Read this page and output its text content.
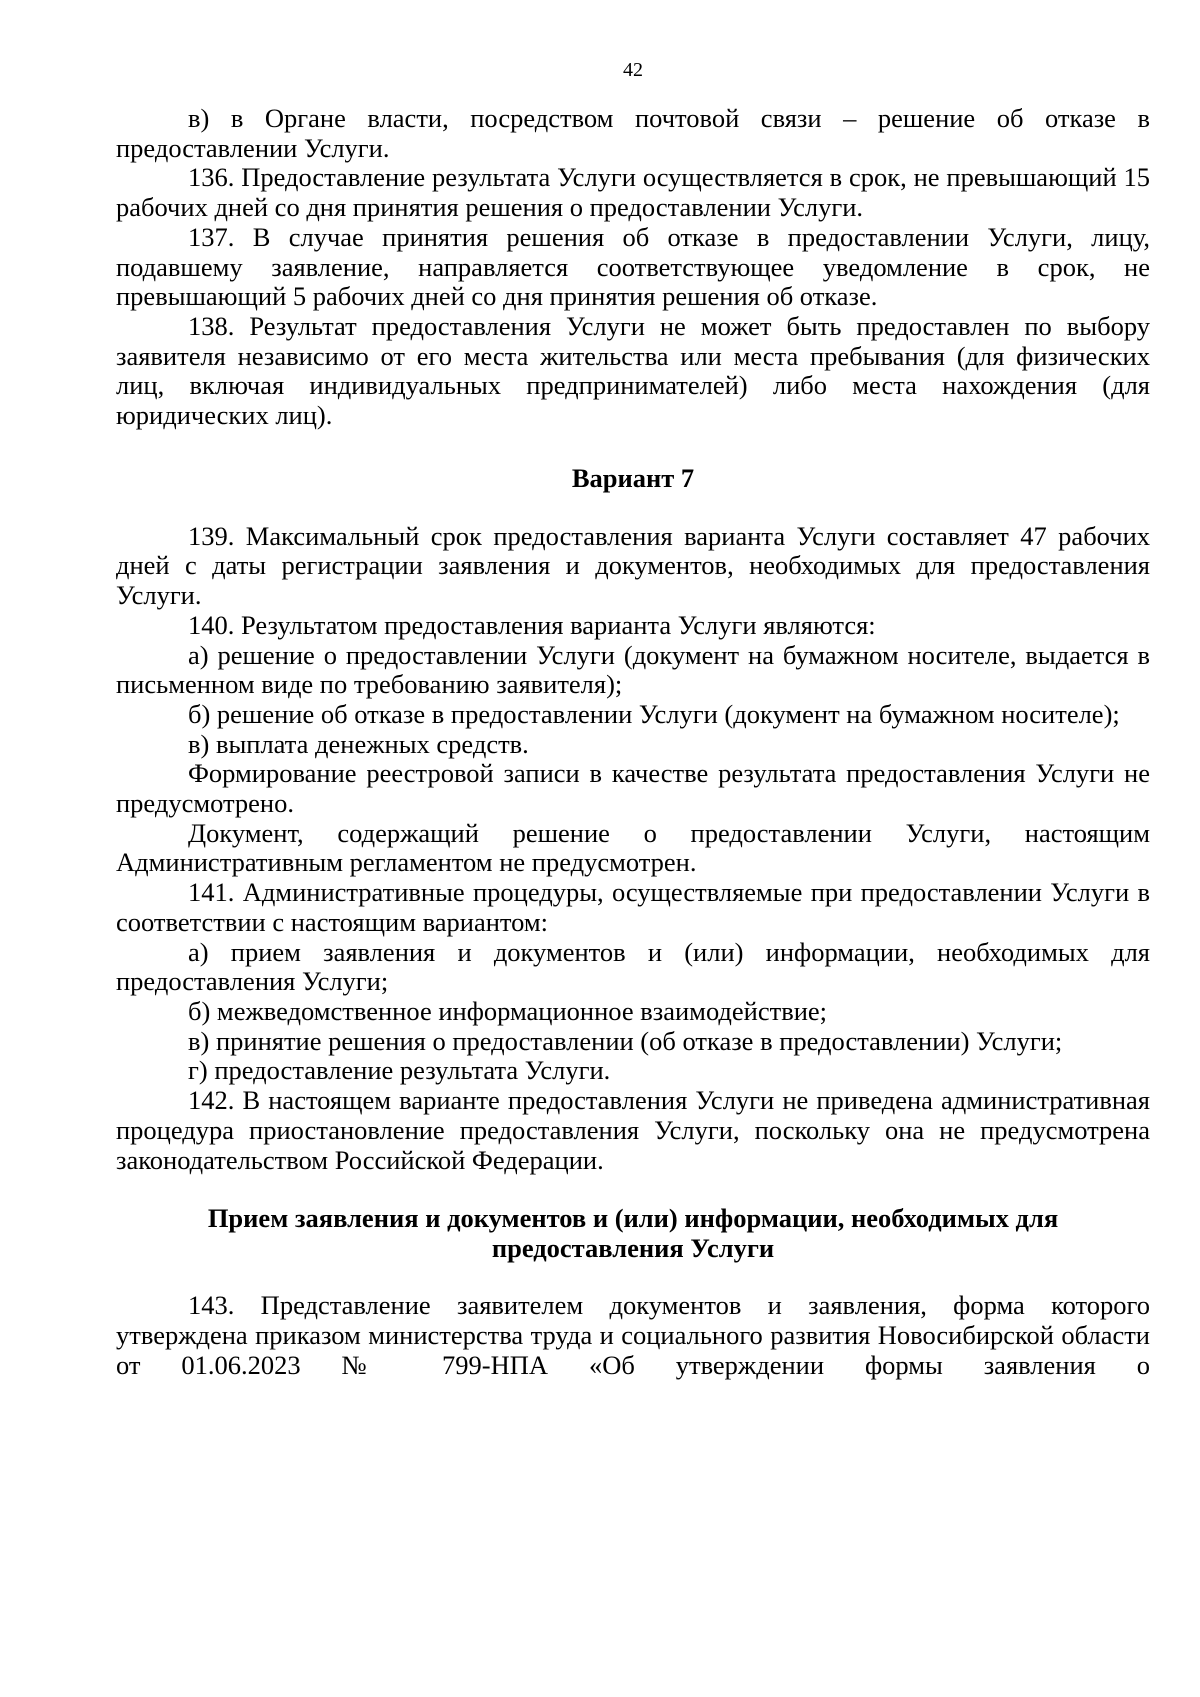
42

в) в Органе власти, посредством почтовой связи – решение об отказе в предоставлении Услуги.

136. Предоставление результата Услуги осуществляется в срок, не превышающий 15 рабочих дней со дня принятия решения о предоставлении Услуги.

137. В случае принятия решения об отказе в предоставлении Услуги, лицу, подавшему заявление, направляется соответствующее уведомление в срок, не превышающий 5 рабочих дней со дня принятия решения об отказе.

138. Результат предоставления Услуги не может быть предоставлен по выбору заявителя независимо от его места жительства или места пребывания (для физических лиц, включая индивидуальных предпринимателей) либо места нахождения (для юридических лиц).

Вариант 7

139. Максимальный срок предоставления варианта Услуги составляет 47 рабочих дней с даты регистрации заявления и документов, необходимых для предоставления Услуги.

140. Результатом предоставления варианта Услуги являются:

а) решение о предоставлении Услуги (документ на бумажном носителе, выдается в письменном виде по требованию заявителя);

б) решение об отказе в предоставлении Услуги (документ на бумажном носителе);

в) выплата денежных средств.

Формирование реестровой записи в качестве результата предоставления Услуги не предусмотрено.

Документ, содержащий решение о предоставлении Услуги, настоящим Административным регламентом не предусмотрен.

141. Административные процедуры, осуществляемые при предоставлении Услуги в соответствии с настоящим вариантом:

а) прием заявления и документов и (или) информации, необходимых для предоставления Услуги;

б) межведомственное информационное взаимодействие;

в) принятие решения о предоставлении (об отказе в предоставлении) Услуги;

г) предоставление результата Услуги.

142. В настоящем варианте предоставления Услуги не приведена административная процедура приостановление предоставления Услуги, поскольку она не предусмотрена законодательством Российской Федерации.

Прием заявления и документов и (или) информации, необходимых для
предоставления Услуги

143. Представление заявителем документов и заявления, форма которого утверждена приказом министерства труда и социального развития Новосибирской области от 01.06.2023 № 799-НПА «Об утверждении формы заявления о
